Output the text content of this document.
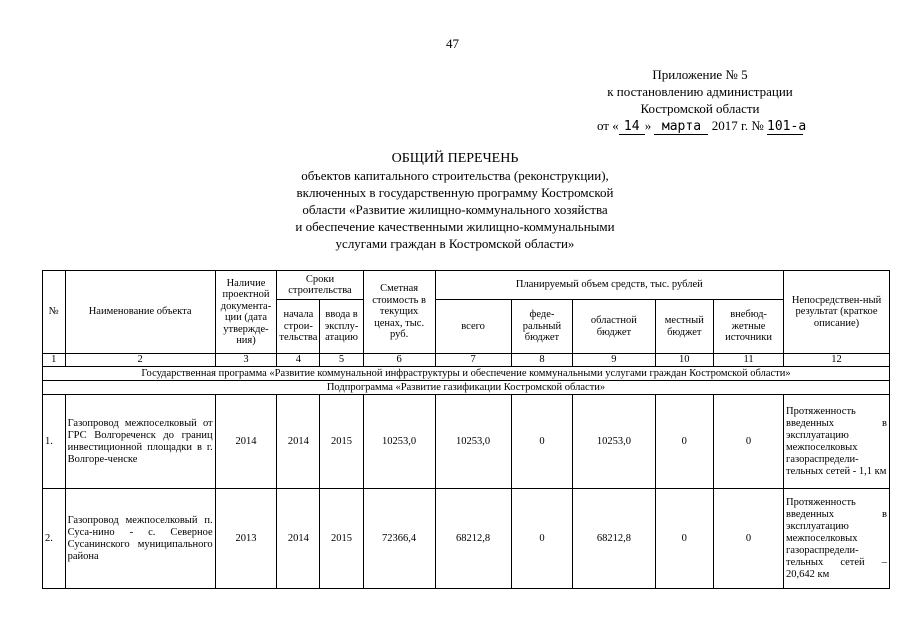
47
Приложение № 5
к постановлению администрации
Костромской области
от « 14 » марта 2017 г. № 101-а
ОБЩИЙ ПЕРЕЧЕНЬ
объектов капитального строительства (реконструкции),
включенных в государственную программу Костромской
области «Развитие жилищно-коммунального хозяйства
и обеспечение качественными жилищно-коммунальными
услугами граждан в Костромской области»
№	Наименование объекта	Наличие проектной документа-ции (дата утвержде-ния)	Сроки строительства		Сметная стоимость в текущих ценах, тыс. руб.	Планируемый объем средств, тыс. рублей					Непосредствен-ный результат (краткое описание)
			начала строи-тельства	ввода в эксплу-атацию		всего	феде-ральный бюджет	областной бюджет	местный бюджет	внебюд-жетные источники	
1	2	3	4	5	6	7	8	9	10	11	12
Государственная программа «Развитие коммунальной инфраструктуры и обеспечение коммунальными услугами граждан Костромской области»											
Подпрограмма «Развитие газификации Костромской области»											
1.	Газопровод межпоселковый от ГРС Волгореченск до границ инвестиционной площадки в г. Волгоре-ченске	2014	2014	2015	10253,0	10253,0	0	10253,0	0	0	Протяженность введенных в эксплуатацию межпоселковых газораспредели-тельных сетей - 1,1 км
2.	Газопровод межпоселковый п. Суса-нино - с. Северное Сусанинского муниципального района	2013	2014	2015	72366,4	68212,8	0	68212,8	0	0	Протяженность введенных в эксплуатацию межпоселковых газораспредели-тельных сетей – 20,642 км
